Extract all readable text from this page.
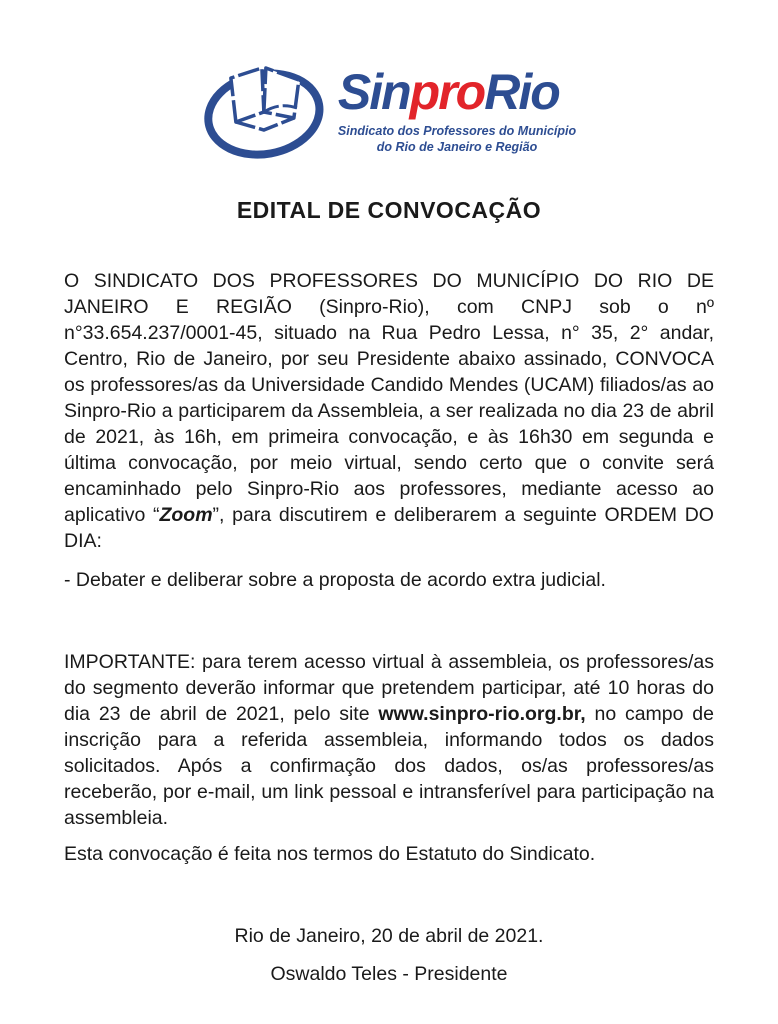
SinproRio
Sindicato dos Professores do Município
do Rio de Janeiro e Região
EDITAL DE CONVOCAÇÃO

O SINDICATO DOS PROFESSORES DO MUNICÍPIO DO RIO DE JANEIRO E REGIÃO (Sinpro-Rio), com CNPJ sob o nº n°33.654.237/0001-45, situado na Rua Pedro Lessa, n° 35, 2° andar, Centro, Rio de Janeiro, por seu Presidente abaixo assinado, CONVOCA os professores/as da Universidade Candido Mendes (UCAM) filiados/as ao Sinpro-Rio a participarem da Assembleia, a ser realizada no dia 23 de abril de 2021, às 16h, em primeira convocação, e às 16h30 em segunda e última convocação, por meio virtual, sendo certo que o convite será encaminhado pelo Sinpro-Rio aos professores, mediante acesso ao aplicativo “Zoom”, para discutirem e deliberarem a seguinte ORDEM DO DIA:

- Debater e deliberar sobre a proposta de acordo extra judicial.

IMPORTANTE: para terem acesso virtual à assembleia, os professores/as do segmento deverão informar que pretendem participar, até 10 horas do dia 23 de abril de 2021, pelo site www.sinpro-rio.org.br, no campo de inscrição para a referida assembleia, informando todos os dados solicitados. Após a confirmação dos dados, os/as professores/as receberão, por e-mail, um link pessoal e intransferível para participação na assembleia.

Esta convocação é feita nos termos do Estatuto do Sindicato.

Rio de Janeiro, 20 de abril de 2021.

Oswaldo Teles - Presidente
